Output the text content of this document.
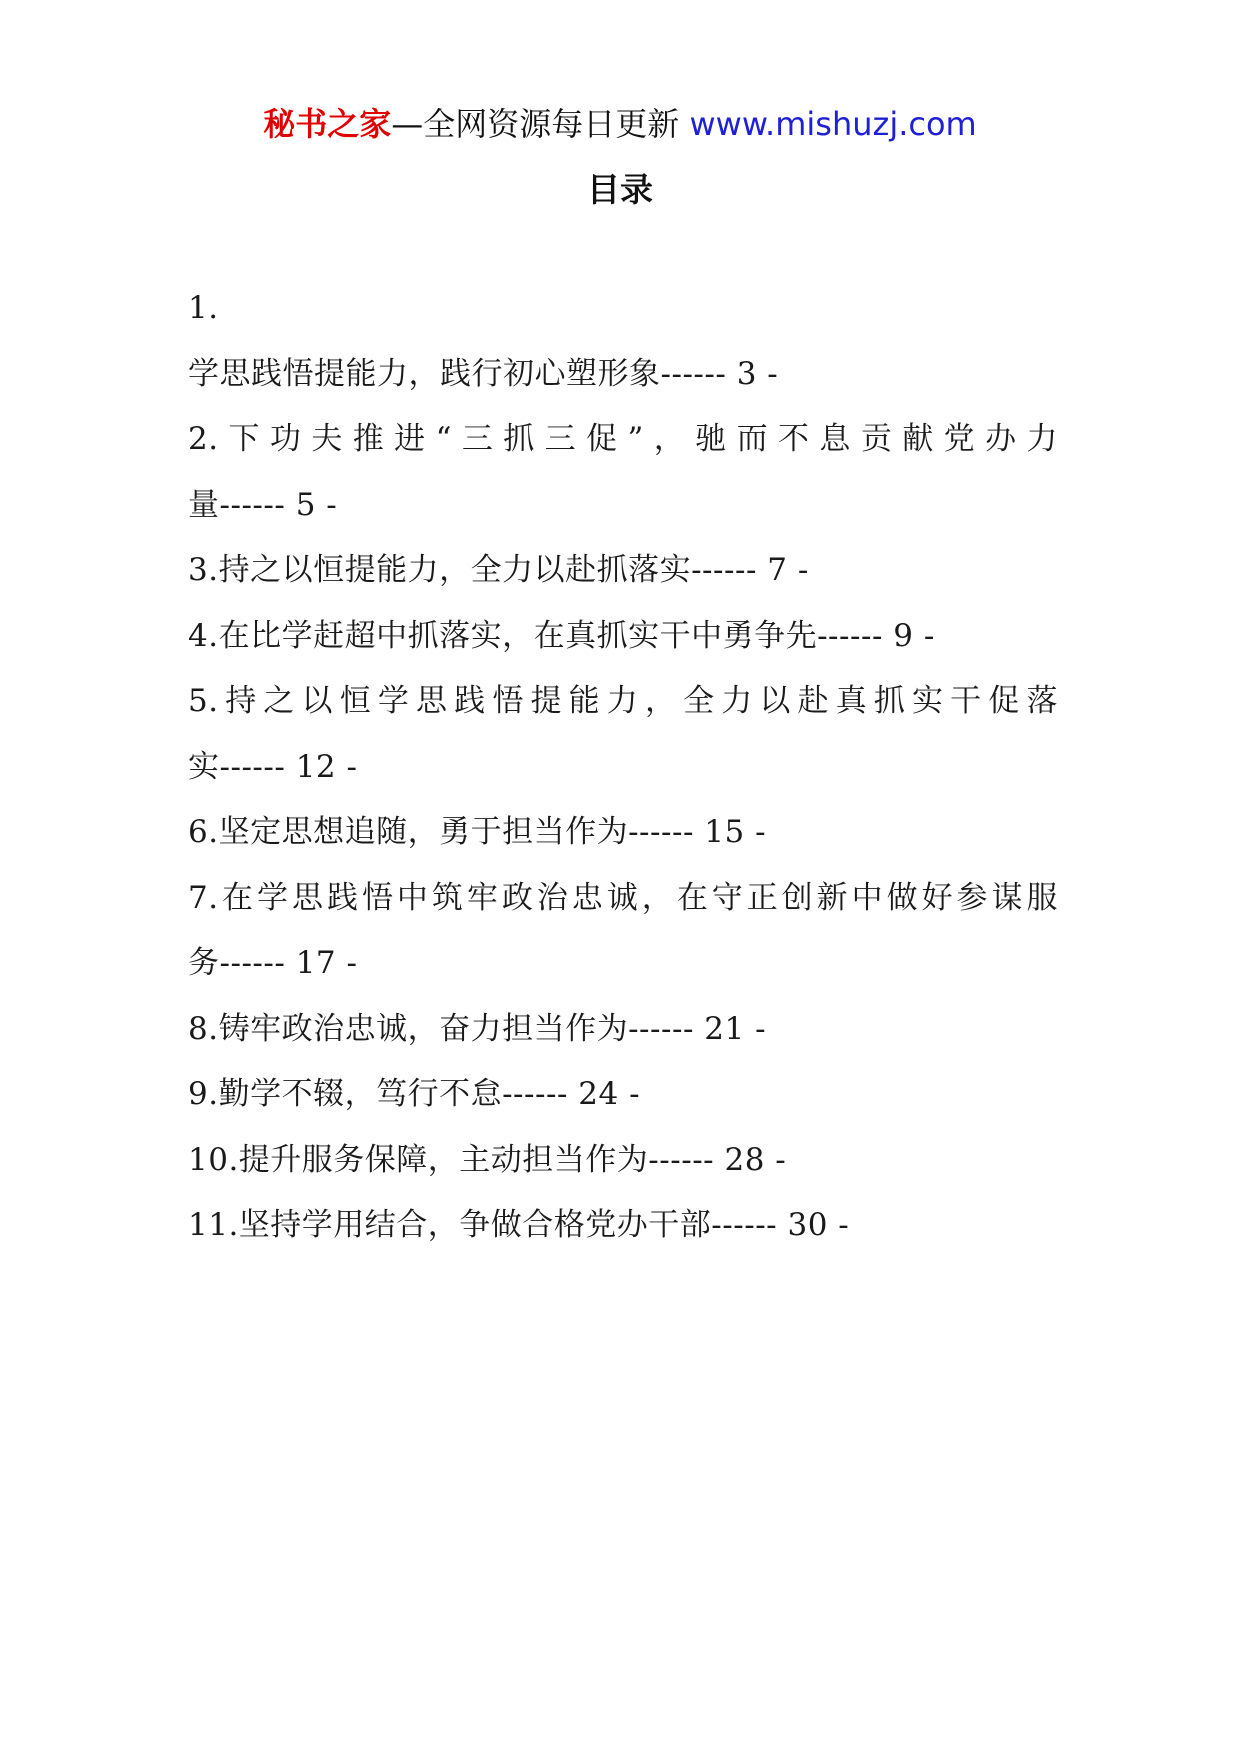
秘书之家—全网资源每日更新 www.mishuzj.com
目录
1.
学思践悟提能力，践行初心塑形象------ 3 -
2.下功夫推进“三抓三促”，驰而不息贡献党办力
量------ 5 -
3.持之以恒提能力，全力以赴抓落实------ 7 -
4.在比学赶超中抓落实，在真抓实干中勇争先------ 9 -
5.持之以恒学思践悟提能力，全力以赴真抓实干促落
实------ 12 -
6.坚定思想追随，勇于担当作为------ 15 -
7.在学思践悟中筑牢政治忠诚，在守正创新中做好参谋服
务------ 17 -
8.铸牢政治忠诚，奋力担当作为------ 21 -
9.勤学不辍，笃行不怠------ 24 -
10.提升服务保障，主动担当作为------ 28 -
11.坚持学用结合，争做合格党办干部------ 30 -
